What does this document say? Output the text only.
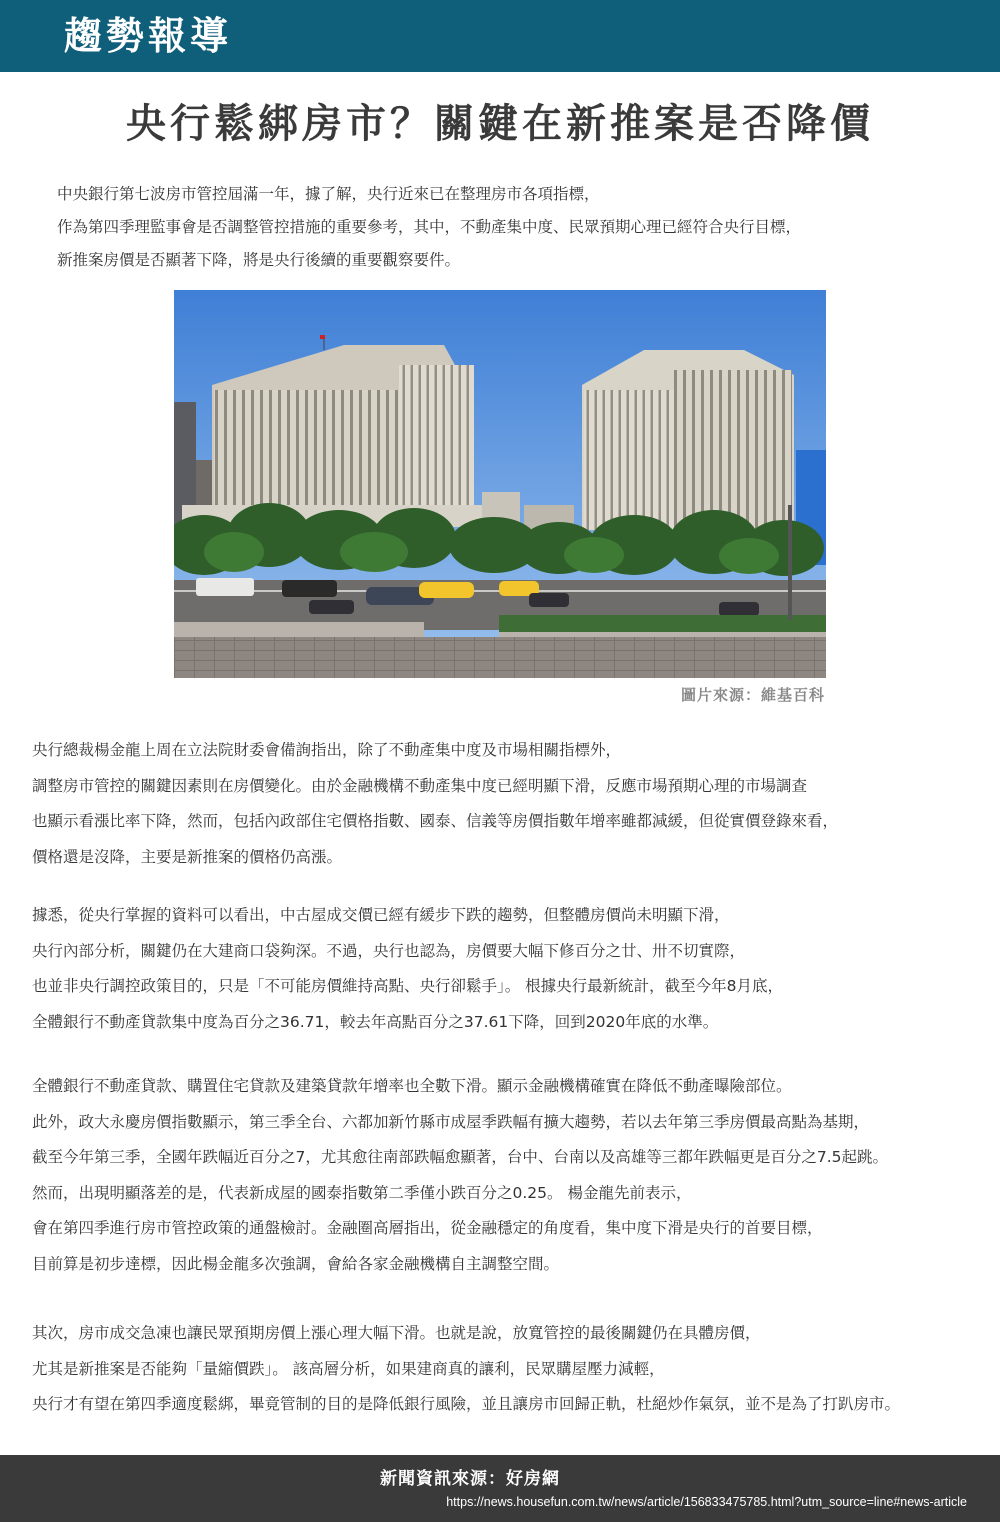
趨勢報導
央行鬆綁房市？關鍵在新推案是否降價

中央銀行第七波房市管控屆滿一年，據了解，央行近來已在整理房市各項指標，
作為第四季理監事會是否調整管控措施的重要參考，其中，不動產集中度、民眾預期心理已經符合央行目標，
新推案房價是否顯著下降，將是央行後續的重要觀察要件。

圖片來源：維基百科

央行總裁楊金龍上周在立法院財委會備詢指出，除了不動產集中度及市場相關指標外，
調整房市管控的關鍵因素則在房價變化。由於金融機構不動產集中度已經明顯下滑，反應市場預期心理的市場調查
也顯示看漲比率下降，然而，包括內政部住宅價格指數、國泰、信義等房價指數年增率雖都減緩，但從實價登錄來看，
價格還是沒降，主要是新推案的價格仍高漲。

據悉，從央行掌握的資料可以看出，中古屋成交價已經有緩步下跌的趨勢，但整體房價尚未明顯下滑，
央行內部分析，關鍵仍在大建商口袋夠深。不過，央行也認為，房價要大幅下修百分之廿、卅不切實際，
也並非央行調控政策目的，只是「不可能房價維持高點、央行卻鬆手」。 根據央行最新統計，截至今年8月底，
全體銀行不動產貸款集中度為百分之36.71，較去年高點百分之37.61下降，回到2020年底的水準。

全體銀行不動產貸款、購置住宅貸款及建築貸款年增率也全數下滑。顯示金融機構確實在降低不動產曝險部位。
此外，政大永慶房價指數顯示，第三季全台、六都加新竹縣市成屋季跌幅有擴大趨勢，若以去年第三季房價最高點為基期，
截至今年第三季，全國年跌幅近百分之7，尤其愈往南部跌幅愈顯著，台中、台南以及高雄等三都年跌幅更是百分之7.5起跳。
然而，出現明顯落差的是，代表新成屋的國泰指數第二季僅小跌百分之0.25。 楊金龍先前表示，
會在第四季進行房市管控政策的通盤檢討。金融圈高層指出，從金融穩定的角度看，集中度下滑是央行的首要目標，
目前算是初步達標，因此楊金龍多次強調，會給各家金融機構自主調整空間。

其次，房市成交急凍也讓民眾預期房價上漲心理大幅下滑。也就是說，放寬管控的最後關鍵仍在具體房價，
尤其是新推案是否能夠「量縮價跌」。 該高層分析，如果建商真的讓利，民眾購屋壓力減輕，
央行才有望在第四季適度鬆綁，畢竟管制的目的是降低銀行風險，並且讓房市回歸正軌，杜絕炒作氣氛，並不是為了打趴房市。

新聞資訊來源：好房網

https://news.housefun.com.tw/news/article/156833475785.html?utm_source=line#news-article
